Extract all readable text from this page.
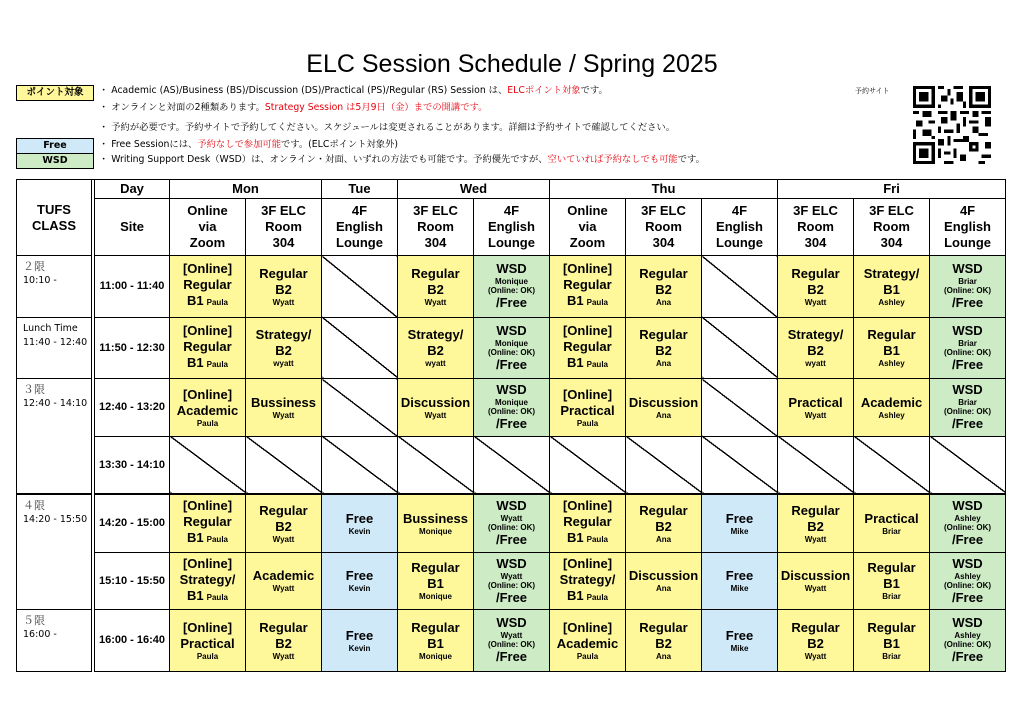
ELC Session Schedule / Spring 2025
ポイント対象
Free
WSD
・ Academic (AS)/Business (BS)/Discussion (DS)/Practical (PS)/Regular (RS) Session は、ELCポイント対象です。
・ オンラインと対面の2種類あります。Strategy Session は5月9日（金）までの開講です。
・ 予約が必要です。予約サイトで予約してください。スケジュールは変更されることがあります。詳細は予約サイトで確認してください。
・ Free Sessionには、予約なしで参加可能です。(ELCポイント対象外)
・ Writing Support Desk（WSD）は、オンライン・対面、いずれの方法でも可能です。予約優先ですが、空いていれば予約なしでも可能です。
予約サイト
TUFS CLASS		Day	Mon		Tue	Wed		Thu			Fri		
		Site	Online via Zoom	3F ELC Room 304	4F English Lounge	3F ELC Room 304	4F English Lounge	Online via Zoom	3F ELC Room 304	4F English Lounge	3F ELC Room 304	3F ELC Room 304	4F English Lounge

２限
10:10 -		11:00 - 11:40	[Online]
Regular
B1 Paula	Regular
B2
Wyatt		Regular
B2
Wyatt	WSD
Monique
(Online: OK)
/Free	[Online]
Regular
B1 Paula	Regular
B2
Ana		Regular
B2
Wyatt	Strategy/
B1
Ashley	WSD
Briar
(Online: OK)
/Free

Lunch Time
11:40 - 12:40		11:50 - 12:30	[Online]
Regular
B1 Paula	Strategy/
B2
wyatt		Strategy/
B2
wyatt	WSD
Monique
(Online: OK)
/Free	[Online]
Regular
B1 Paula	Regular
B2
Ana		Strategy/
B2
wyatt	Regular
B1
Ashley	WSD
Briar
(Online: OK)
/Free

３限
12:40 - 14:10		12:40 - 13:20	[Online]
Academic
Paula	Bussiness
Wyatt		Discussion
Wyatt	WSD
Monique
(Online: OK)
/Free	[Online]
Practical
Paula	Discussion
Ana		Practical
Wyatt	Academic
Ashley	WSD
Briar
(Online: OK)
/Free

		13:30 - 14:10											

４限
14:20 - 15:50		14:20 - 15:00	[Online]
Regular
B1 Paula	Regular
B2
Wyatt	Free
Kevin	Bussiness
Monique	WSD
Wyatt
(Online: OK)
/Free	[Online]
Regular
B1 Paula	Regular
B2
Ana	Free
Mike	Regular
B2
Wyatt	Practical
Briar	WSD
Ashley
(Online: OK)
/Free

		15:10 - 15:50	[Online]
Strategy/
B1 Paula	Academic
Wyatt	Free
Kevin	Regular
B1
Monique	WSD
Wyatt
(Online: OK)
/Free	[Online]
Strategy/
B1 Paula	Discussion
Ana	Free
Mike	Discussion
Wyatt	Regular
B1
Briar	WSD
Ashley
(Online: OK)
/Free

５限
16:00 -		16:00 - 16:40	[Online]
Practical
Paula	Regular
B2
Wyatt	Free
Kevin	Regular
B1
Monique	WSD
Wyatt
(Online: OK)
/Free	[Online]
Academic
Paula	Regular
B2
Ana	Free
Mike	Regular
B2
Wyatt	Regular
B1
Briar	WSD
Ashley
(Online: OK)
/Free
